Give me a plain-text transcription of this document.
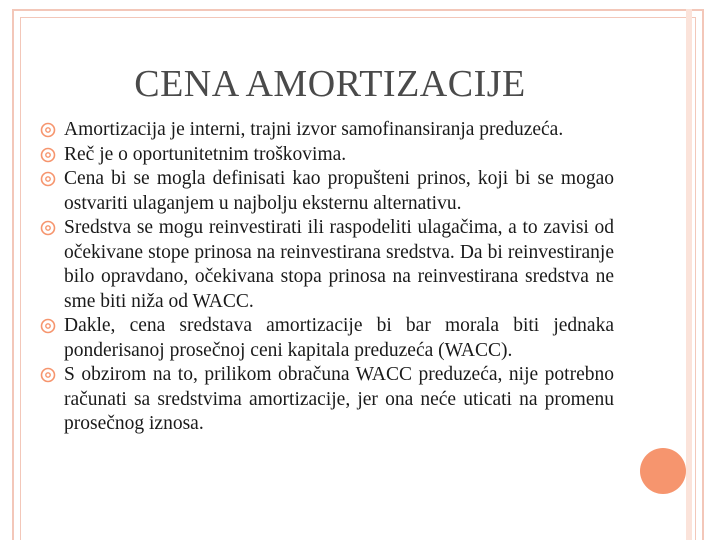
CENA AMORTIZACIJE
Amortizacija je interni, trajni izvor samofinansiranja preduzeća.
Reč je o oportunitetnim troškovima.
Cena bi se mogla definisati kao propušteni prinos, koji bi se mogao ostvariti ulaganjem u najbolju eksternu alternativu.
Sredstva se mogu reinvestirati ili raspodeliti ulagačima, a to zavisi od očekivane stope prinosa na reinvestirana sredstva. Da bi reinvestiranje bilo opravdano, očekivana stopa prinosa na reinvestirana sredstva ne sme biti niža od WACC.
Dakle, cena sredstava amortizacije bi bar morala biti jednaka ponderisanoj prosečnoj ceni kapitala preduzeća (WACC).
S obzirom na to, prilikom obračuna WACC preduzeća, nije potrebno računati sa sredstvima amortizacije, jer ona neće uticati na promenu prosečnog iznosa.
